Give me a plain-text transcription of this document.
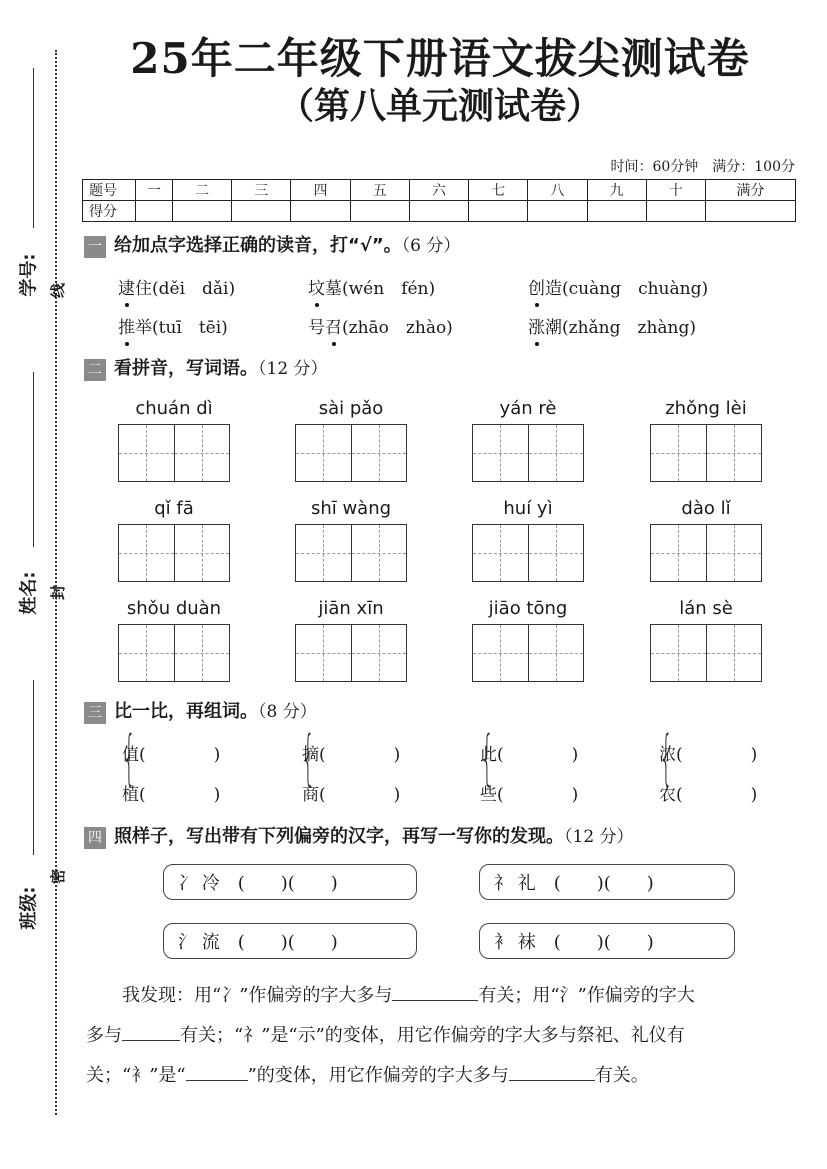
学号: 线
姓名: 封
班级:
密
25年二年级下册语文拔尖测试卷
（第八单元测试卷）
时间：60分钟　满分：100分
题号	一	二	三	四	五	六	七	八	九	十	满分
得分											
一 给加点字选择正确的读音，打“√”。（6 分）
逮住(děi　dǎi)	坟墓(wén　fén)	创造(cuàng　chuàng)
推举(tuī　tēi)	号召(zhāo　zhào)	涨潮(zhǎng　zhàng)
二 看拼音，写词语。（12 分）
chuán dì	sài pǎo	yán rè	zhǒng lèi
qǐ fā	shī wàng	huí yì	dào lǐ
shǒu duàn	jiān xīn	jiāo tōng	lán sè
三 比一比，再组词。（8 分）
{
值(　　　　)
植(　　　　)
{
摘(　　　　)
商(　　　　)
{
此(　　　　)
些(　　　　)
{
浓(　　　　)
农(　　　　)
四 照样子，写出带有下列偏旁的汉字，再写一写你的发现。（12 分）
冫 冷　(　　)(　　)	礻 礼　(　　)(　　)
氵 流　(　　)(　　)	衤 袜　(　　)(　　)
我发现：用“冫”作偏旁的字大多与	有关；用“氵”作偏旁的字大
多与	有关；“礻”是“示”的变体，用它作偏旁的字大多与祭祀、礼仪有
关；“衤”是“	”的变体，用它作偏旁的字大多与	有关。
